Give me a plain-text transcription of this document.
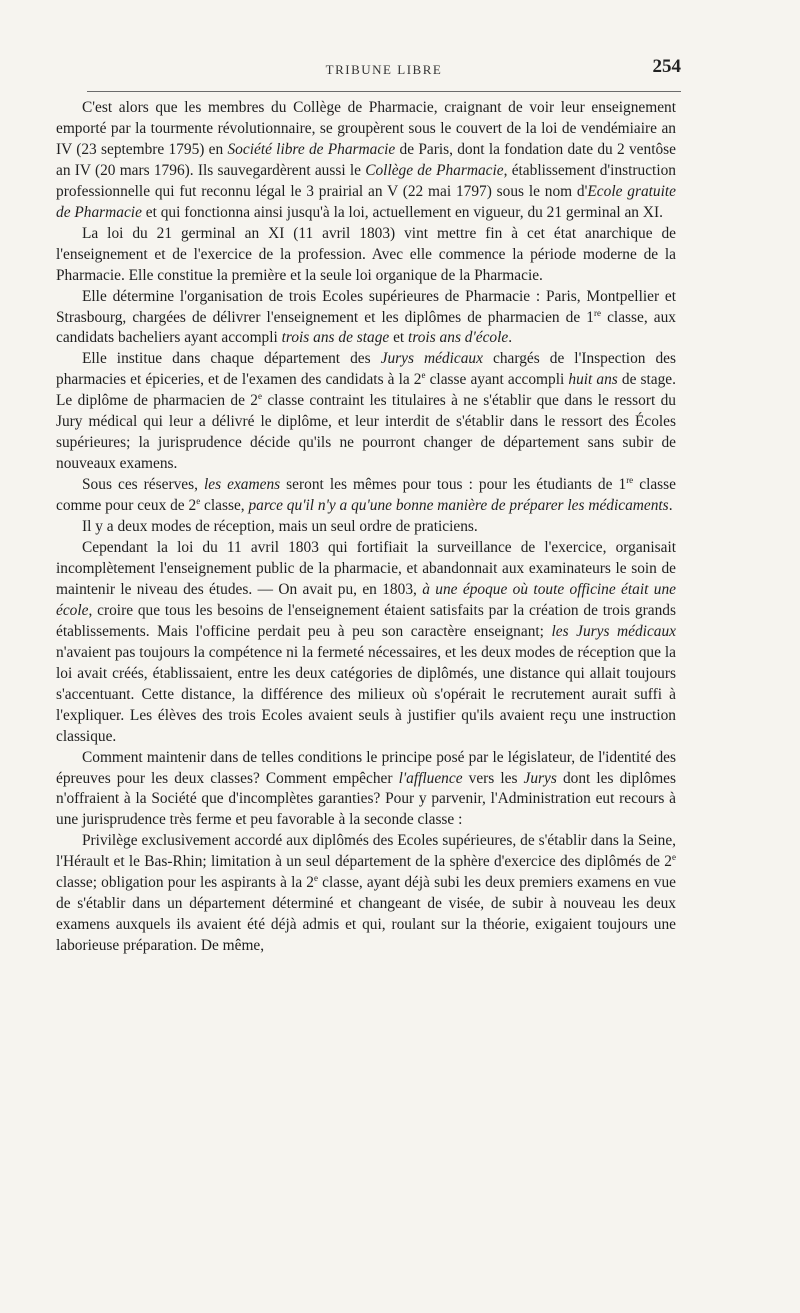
TRIBUNE LIBRE	254

C'est alors que les membres du Collège de Pharmacie, craignant de voir leur enseignement emporté par la tourmente révolutionnaire, se groupèrent sous le couvert de la loi de vendémiaire an IV (23 septembre 1795) en Société libre de Pharmacie de Paris, dont la fondation date du 2 ventôse an IV (20 mars 1796). Ils sauvegardèrent aussi le Collège de Pharmacie, établissement d'instruction professionnelle qui fut reconnu légal le 3 prairial an V (22 mai 1797) sous le nom d'Ecole gratuite de Pharmacie et qui fonctionna ainsi jusqu'à la loi, actuellement en vigueur, du 21 germinal an XI.

La loi du 21 germinal an XI (11 avril 1803) vint mettre fin à cet état anarchique de l'enseignement et de l'exercice de la profession. Avec elle commence la période moderne de la Pharmacie. Elle constitue la première et la seule loi organique de la Pharmacie.

Elle détermine l'organisation de trois Ecoles supérieures de Pharmacie : Paris, Montpellier et Strasbourg, chargées de délivrer l'enseignement et les diplômes de pharmacien de 1re classe, aux candidats bacheliers ayant accompli trois ans de stage et trois ans d'école.

Elle institue dans chaque département des Jurys médicaux chargés de l'Inspection des pharmacies et épiceries, et de l'examen des candidats à la 2e classe ayant accompli huit ans de stage. Le diplôme de pharmacien de 2e classe contraint les titulaires à ne s'établir que dans le ressort du Jury médical qui leur a délivré le diplôme, et leur interdit de s'établir dans le ressort des Écoles supérieures; la jurisprudence décide qu'ils ne pourront changer de département sans subir de nouveaux examens.

Sous ces réserves, les examens seront les mêmes pour tous : pour les étudiants de 1re classe comme pour ceux de 2e classe, parce qu'il n'y a qu'une bonne manière de préparer les médicaments.

Il y a deux modes de réception, mais un seul ordre de praticiens.

Cependant la loi du 11 avril 1803 qui fortifiait la surveillance de l'exercice, organisait incomplètement l'enseignement public de la pharmacie, et abandonnait aux examinateurs le soin de maintenir le niveau des études. — On avait pu, en 1803, à une époque où toute officine était une école, croire que tous les besoins de l'enseignement étaient satisfaits par la création de trois grands établissements. Mais l'officine perdait peu à peu son caractère enseignant; les Jurys médicaux n'avaient pas toujours la compétence ni la fermeté nécessaires, et les deux modes de réception que la loi avait créés, établissaient, entre les deux catégories de diplômés, une distance qui allait toujours s'accentuant. Cette distance, la différence des milieux où s'opérait le recrutement aurait suffi à l'expliquer. Les élèves des trois Ecoles avaient seuls à justifier qu'ils avaient reçu une instruction classique.

Comment maintenir dans de telles conditions le principe posé par le législateur, de l'identité des épreuves pour les deux classes? Comment empêcher l'affluence vers les Jurys dont les diplômes n'offraient à la Société que d'incomplètes garanties? Pour y parvenir, l'Administration eut recours à une jurisprudence très ferme et peu favorable à la seconde classe :

Privilège exclusivement accordé aux diplômés des Ecoles supérieures, de s'établir dans la Seine, l'Hérault et le Bas-Rhin; limitation à un seul département de la sphère d'exercice des diplômés de 2e classe; obligation pour les aspirants à la 2e classe, ayant déjà subi les deux premiers examens en vue de s'établir dans un département déterminé et changeant de visée, de subir à nouveau les deux examens auxquels ils avaient été déjà admis et qui, roulant sur la théorie, exigaient toujours une laborieuse préparation. De même,
